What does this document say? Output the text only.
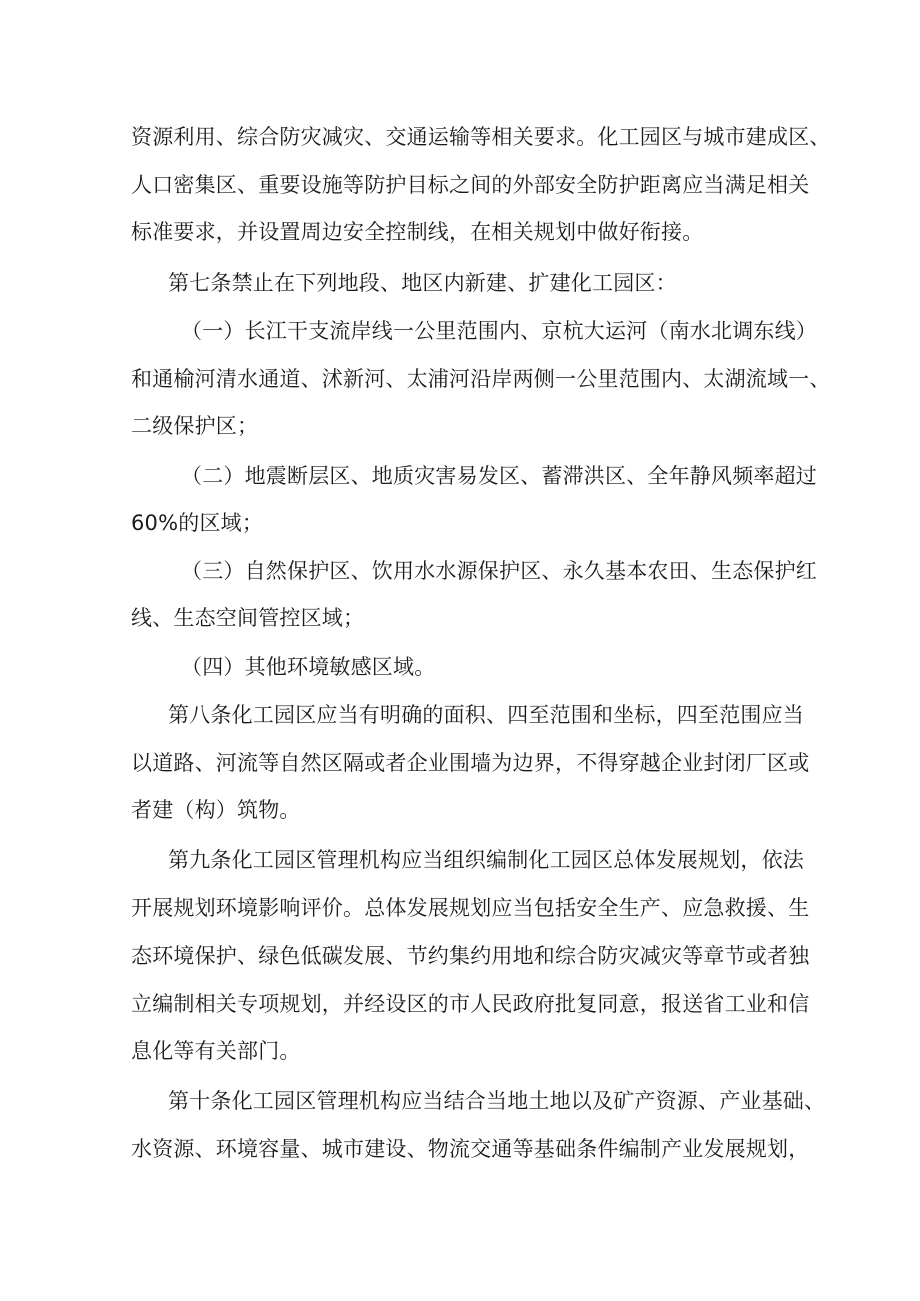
资源利用、综合防灾减灾、交通运输等相关要求。化工园区与城市建成区、
人口密集区、重要设施等防护目标之间的外部安全防护距离应当满足相关
标准要求，并设置周边安全控制线，在相关规划中做好衔接。
第七条禁止在下列地段、地区内新建、扩建化工园区：
（一）长江干支流岸线一公里范围内、京杭大运河（南水北调东线）
和通榆河清水通道、沭新河、太浦河沿岸两侧一公里范围内、太湖流域一、
二级保护区；
（二）地震断层区、地质灾害易发区、蓄滞洪区、全年静风频率超过
60%的区域；
（三）自然保护区、饮用水水源保护区、永久基本农田、生态保护红
线、生态空间管控区域；
（四）其他环境敏感区域。
第八条化工园区应当有明确的面积、四至范围和坐标，四至范围应当
以道路、河流等自然区隔或者企业围墙为边界，不得穿越企业封闭厂区或
者建（构）筑物。
第九条化工园区管理机构应当组织编制化工园区总体发展规划，依法
开展规划环境影响评价。总体发展规划应当包括安全生产、应急救援、生
态环境保护、绿色低碳发展、节约集约用地和综合防灾减灾等章节或者独
立编制相关专项规划，并经设区的市人民政府批复同意，报送省工业和信
息化等有关部门。
第十条化工园区管理机构应当结合当地土地以及矿产资源、产业基础、
水资源、环境容量、城市建设、物流交通等基础条件编制产业发展规划，
